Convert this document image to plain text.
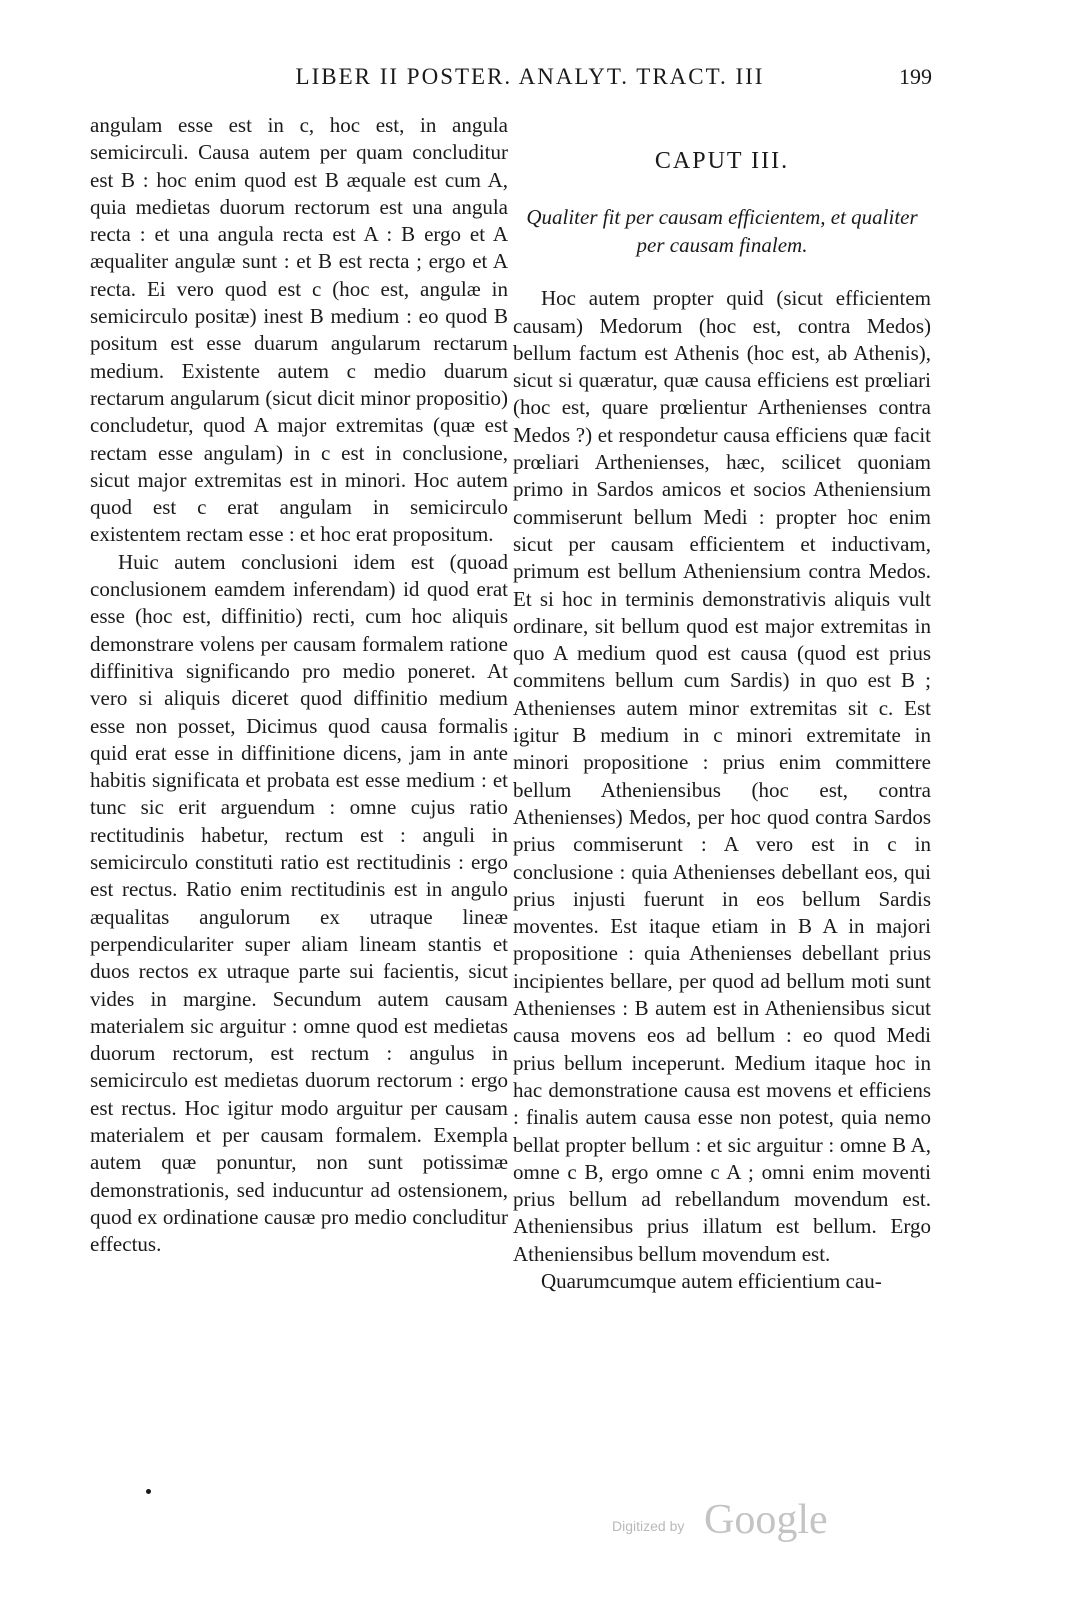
LIBER II POSTER. ANALYT. TRACT. III	199

angulam esse est in c, hoc est, in angula semicirculi. Causa autem per quam concluditur est B : hoc enim quod est B æquale est cum A, quia medietas duorum rectorum est una angula recta : et una angula recta est A : B ergo et A æqualiter angulæ sunt : et B est recta ; ergo et A recta. Ei vero quod est c (hoc est, angulæ in semicirculo positæ) inest B medium : eo quod B positum est esse duarum angularum rectarum medium. Existente autem c medio duarum rectarum angularum (sicut dicit minor propositio) concludetur, quod A major extremitas (quæ est rectam esse angulam) in c est in conclusione, sicut major extremitas est in minori. Hoc autem quod est c erat angulam in semicirculo existentem rectam esse : et hoc erat propositum.

Huic autem conclusioni idem est (quoad conclusionem eamdem inferendam) id quod erat esse (hoc est, diffinitio) recti, cum hoc aliquis demonstrare volens per causam formalem ratione diffinitiva significando pro medio poneret. At vero si aliquis diceret quod diffinitio medium esse non posset, Dicimus quod causa formalis quid erat esse in diffinitione dicens, jam in ante habitis significata et probata est esse medium : et tunc sic erit arguendum : omne cujus ratio rectitudinis habetur, rectum est : anguli in semicirculo constituti ratio est rectitudinis : ergo est rectus. Ratio enim rectitudinis est in angulo æqualitas angulorum ex utraque lineæ perpendiculariter super aliam lineam stantis et duos rectos ex utraque parte sui facientis, sicut vides in margine. Secundum autem causam materialem sic arguitur : omne quod est medietas duorum rectorum, est rectum : angulus in semicirculo est medietas duorum rectorum : ergo est rectus. Hoc igitur modo arguitur per causam materialem et per causam formalem. Exempla autem quæ ponuntur, non sunt potissimæ demonstrationis, sed inducuntur ad ostensionem, quod ex ordinatione causæ pro medio concluditur effectus.

CAPUT III.
Qualiter fit per causam efficientem, et qualiter per causam finalem.

Hoc autem propter quid (sicut efficientem causam) Medorum (hoc est, contra Medos) bellum factum est Athenis (hoc est, ab Athenis), sicut si quæratur, quæ causa efficiens est prœliari (hoc est, quare prœlientur Arthenienses contra Medos ?) et respondetur causa efficiens quæ facit prœliari Arthenienses, hæc, scilicet quoniam primo in Sardos amicos et socios Atheniensium commiserunt bellum Medi : propter hoc enim sicut per causam efficientem et inductivam, primum est bellum Atheniensium contra Medos. Et si hoc in terminis demonstrativis aliquis vult ordinare, sit bellum quod est major extremitas in quo A medium quod est causa (quod est prius commitens bellum cum Sardis) in quo est B ; Athenienses autem minor extremitas sit c. Est igitur B medium in c minori extremitate in minori propositione : prius enim committere bellum Atheniensibus (hoc est, contra Athenienses) Medos, per hoc quod contra Sardos prius commiserunt : A vero est in c in conclusione : quia Athenienses debellant eos, qui prius injusti fuerunt in eos bellum Sardis moventes. Est itaque etiam in B A in majori propositione : quia Athenienses debellant prius incipientes bellare, per quod ad bellum moti sunt Athenienses : B autem est in Atheniensibus sicut causa movens eos ad bellum : eo quod Medi prius bellum inceperunt. Medium itaque hoc in hac demonstratione causa est movens et efficiens : finalis autem causa esse non potest, quia nemo bellat propter bellum : et sic arguitur : omne B A, omne c B, ergo omne c A ; omni enim moventi prius bellum ad rebellandum movendum est. Atheniensibus prius illatum est bellum. Ergo Atheniensibus bellum movendum est.

Quarumcumque autem efficientium cau-

Digitized by Google
